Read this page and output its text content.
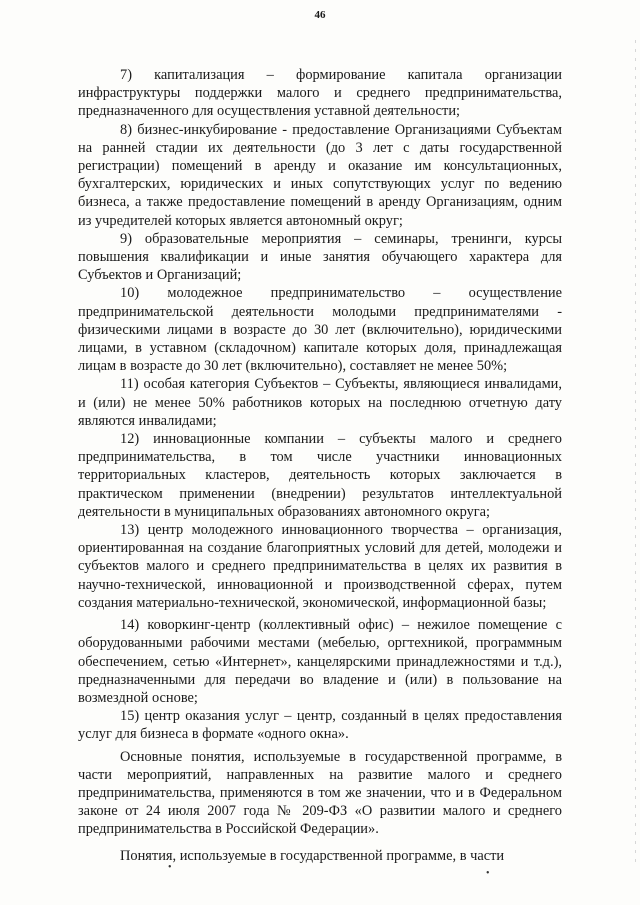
46

7) капитализация – формирование капитала организации инфраструктуры поддержки малого и среднего предпринимательства, предназначенного для осуществления уставной деятельности;

8) бизнес-инкубирование - предоставление Организациями Субъектам на ранней стадии их деятельности (до 3 лет с даты государственной регистрации) помещений в аренду и оказание им консультационных, бухгалтерских, юридических и иных сопутствующих услуг по ведению бизнеса, а также предоставление помещений в аренду Организациям, одним из учредителей которых является автономный округ;

9) образовательные мероприятия – семинары, тренинги, курсы повышения квалификации и иные занятия обучающего характера для Субъектов и Организаций;

10) молодежное предпринимательство – осуществление предпринимательской деятельности молодыми предпринимателями - физическими лицами в возрасте до 30 лет (включительно), юридическими лицами, в уставном (складочном) капитале которых доля, принадлежащая лицам в возрасте до 30 лет (включительно), составляет не менее 50%;

11) особая категория Субъектов – Субъекты, являющиеся инвалидами, и (или) не менее 50% работников которых на последнюю отчетную дату являются инвалидами;

12) инновационные компании – субъекты малого и среднего предпринимательства, в том числе участники инновационных территориальных кластеров, деятельность которых заключается в практическом применении (внедрении) результатов интеллектуальной деятельности в муниципальных образованиях автономного округа;

13) центр молодежного инновационного творчества – организация, ориентированная на создание благоприятных условий для детей, молодежи и субъектов малого и среднего предпринимательства в целях их развития в научно-технической, инновационной и производственной сферах, путем создания материально-технической, экономической, информационной базы;

14) коворкинг-центр (коллективный офис) – нежилое помещение с оборудованными рабочими местами (мебелью, оргтехникой, программным обеспечением, сетью «Интернет», канцелярскими принадлежностями и т.д.), предназначенными для передачи во владение и (или) в пользование на возмездной основе;

15) центр оказания услуг – центр, созданный в целях предоставления услуг для бизнеса в формате «одного окна».

Основные понятия, используемые в государственной программе, в части мероприятий, направленных на развитие малого и среднего предпринимательства, применяются в том же значении, что и в Федеральном законе от 24 июля 2007 года № 209-ФЗ «О развитии малого и среднего предпринимательства в Российской Федерации».

Понятия, используемые в государственной программе, в части

•
•
